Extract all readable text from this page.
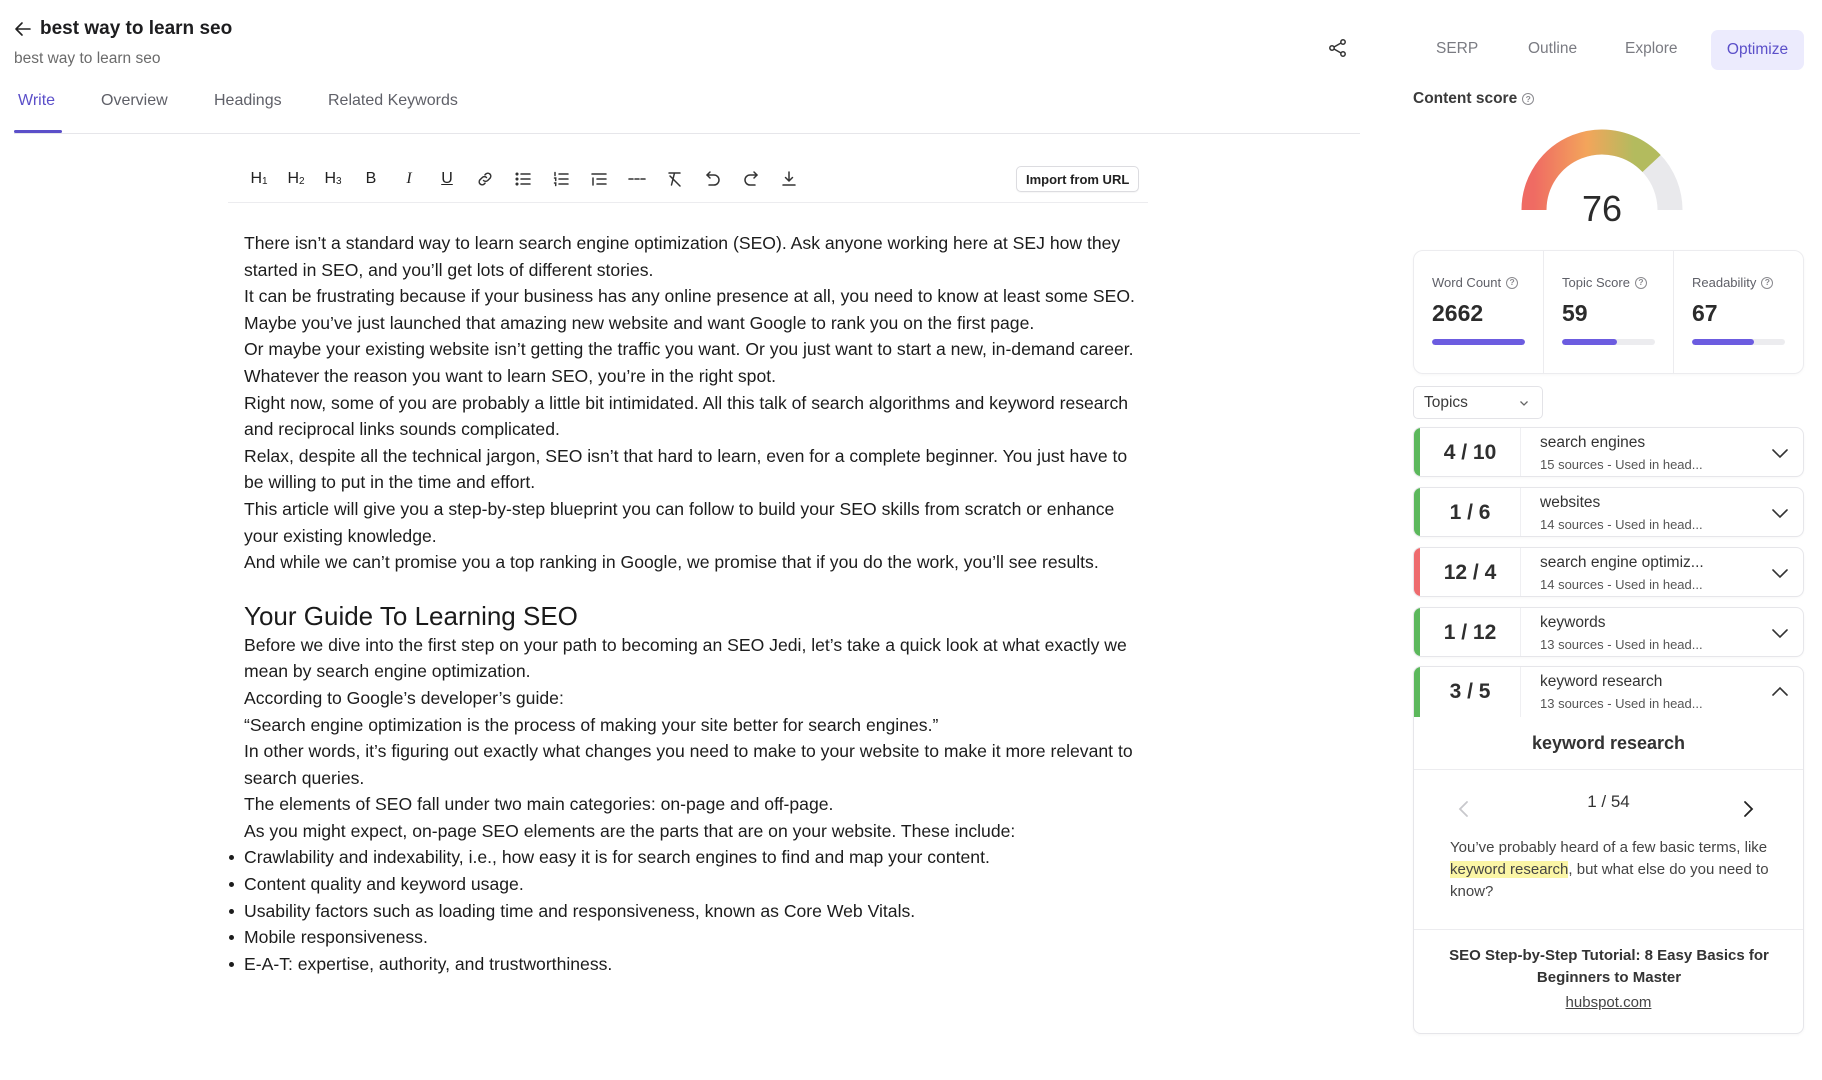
best way to learn seo
best way to learn seo
Write	Overview	Headings	Related Keywords
$H_1$ $H_2$ $H_3$	B	I	U	Import from URL

There isn’t a standard way to learn search engine optimization (SEO). Ask anyone working here at SEJ how they started in SEO, and you’ll get lots of different stories.

It can be frustrating because if your business has any online presence at all, you need to know at least some SEO.

Maybe you’ve just launched that amazing new website and want Google to rank you on the first page.

Or maybe your existing website isn’t getting the traffic you want. Or you just want to start a new, in-demand career.

Whatever the reason you want to learn SEO, you’re in the right spot.

Right now, some of you are probably a little bit intimidated. All this talk of search algorithms and keyword research and reciprocal links sounds complicated.

Relax, despite all the technical jargon, SEO isn’t that hard to learn, even for a complete beginner. You just have to be willing to put in the time and effort.

This article will give you a step-by-step blueprint you can follow to build your SEO skills from scratch or enhance your existing knowledge.

And while we can’t promise you a top ranking in Google, we promise that if you do the work, you’ll see results.

Your Guide To Learning SEO

Before we dive into the first step on your path to becoming an SEO Jedi, let’s take a quick look at what exactly we mean by search engine optimization.

According to Google’s developer’s guide:

“Search engine optimization is the process of making your site better for search engines.”

In other words, it’s figuring out exactly what changes you need to make to your website to make it more relevant to search queries.

The elements of SEO fall under two main categories: on-page and off-page.

As you might expect, on-page SEO elements are the parts that are on your website. These include:

Crawlability and indexability, i.e., how easy it is for search engines to find and map your content.
Content quality and keyword usage.
Usability factors such as loading time and responsiveness, known as Core Web Vitals.
Mobile responsiveness.
E-A-T: expertise, authority, and trustworthiness.
SERP	Outline	Explore	Optimize
Content score ?
76
Word Count ?
2662
Topic Score ?
59
Readability ?
67
Topics
4 / 10	search engines
15 sources - Used in head...
1 / 6	websites
14 sources - Used in head...
12 / 4	search engine optimiz...
14 sources - Used in head...
1 / 12	keywords
13 sources - Used in head...
3 / 5	keyword research
13 sources - Used in head...
keyword research
1 / 54
You’ve probably heard of a few basic terms, like keyword research, but what else do you need to know?
SEO Step-by-Step Tutorial: 8 Easy Basics for Beginners to Master
hubspot.com
